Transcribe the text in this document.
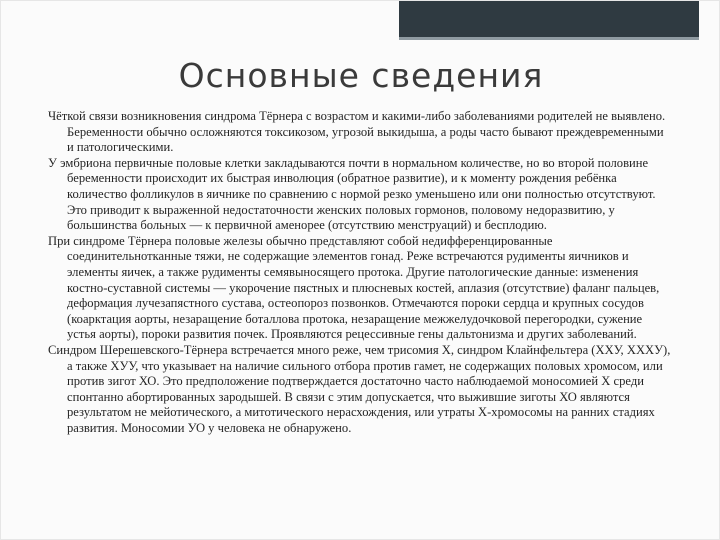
Основные сведения

Чёткой связи возникновения синдрома Тёрнера с возрастом и какими-либо заболеваниями родителей не выявлено. Беременности обычно осложняются токсикозом, угрозой выкидыша, а роды часто бывают преждевременными и патологическими.

У эмбриона первичные половые клетки закладываются почти в нормальном количестве, но во второй половине беременности происходит их быстрая инволюция (обратное развитие), и к моменту рождения ребёнка количество фолликулов в яичнике по сравнению с нормой резко уменьшено или они полностью отсутствуют. Это приводит к выраженной недостаточности женских половых гормонов, половому недоразвитию, у большинства больных — к первичной аменорее (отсутствию менструаций) и бесплодию.

При синдроме Тёрнера половые железы обычно представляют собой недифференцированные соединительнотканные тяжи, не содержащие элементов гонад. Реже встречаются рудименты яичников и элементы яичек, а также рудименты семявыносящего протока. Другие патологические данные: изменения костно-суставной системы — укорочение пястных и плюсневых костей, аплазия (отсутствие) фаланг пальцев, деформация лучезапястного сустава, остеопороз позвонков. Отмечаются пороки сердца и крупных сосудов (коарктация аорты, незаращение боталлова протока, незаращение межжелудочковой перегородки, сужение устья аорты), пороки развития почек. Проявляются рецессивные гены дальтонизма и других заболеваний.

Синдром Шерешевского-Тёрнера встречается много реже, чем трисомия X, синдром Клайнфельтера (ХХУ, ХХХУ), а также ХУУ, что указывает на наличие сильного отбора против гамет, не содержащих половых хромосом, или против зигот ХО. Это предположение подтверждается достаточно часто наблюдаемой моносомией X среди спонтанно абортированных зародышей. В связи с этим допускается, что выжившие зиготы ХО являются результатом не мейотического, а митотического нерасхождения, или утраты X-хромосомы на ранних стадиях развития. Моносомии УО у человека не обнаружено.
